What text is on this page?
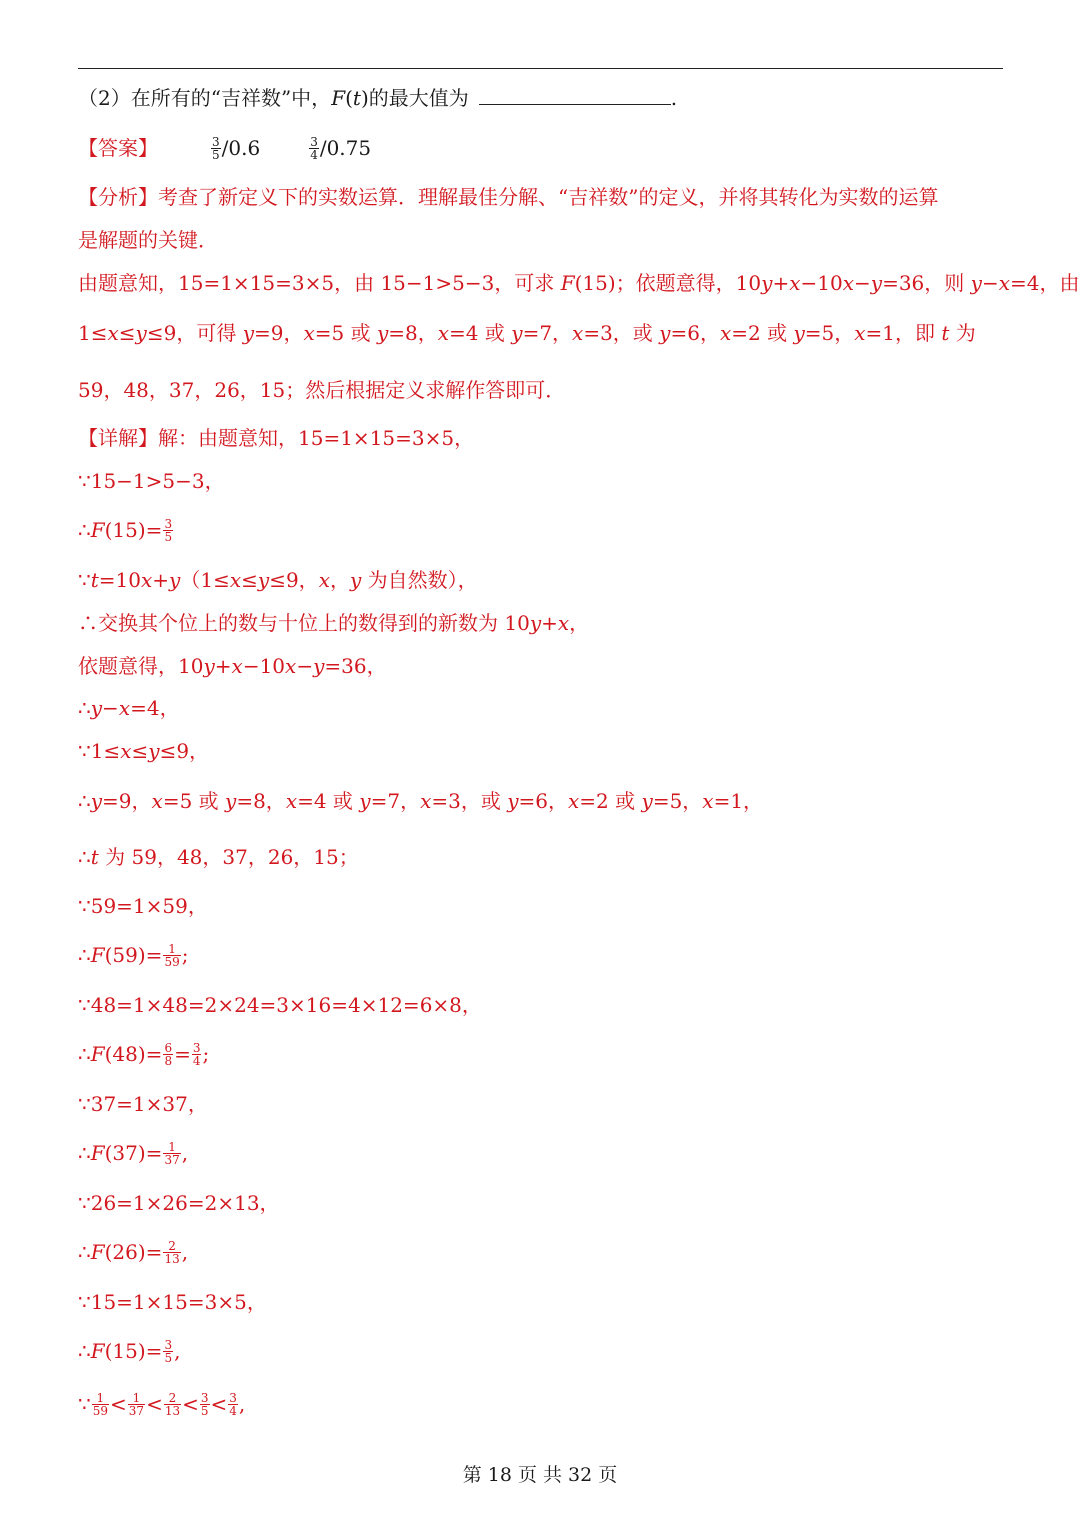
（2）在所有的“吉祥数”中，F(t)的最大值为	.
【答案】	$\frac{3}{5} /0.6$	$\frac{3}{4} /0.75$
【分析】考查了新定义下的实数运算．理解最佳分解、“吉祥数”的定义，并将其转化为实数的运算
是解题的关键．
由题意知，15=1×15=3×5，由 15−1>5−3，可求 F(15)；依题意得，10y+x−10x−y=36，则 y−x=4，由
1≤x≤y≤9，可得 y=9，x=5 或 y=8，x=4 或 y=7，x=3，或 y=6，x=2 或 y=5，x=1，即 t 为
59，48，37，26，15；然后根据定义求解作答即可．
【详解】解：由题意知，15=1×15=3×5，
∵15−1>5−3，
∴F(15)= $\frac{3}{5}$
∵t=10x+y（1≤x≤y≤9，x，y 为自然数），
∴交换其个位上的数与十位上的数得到的新数为 10y+x，
依题意得，10y+x−10x−y=36，
∴y−x=4，
∵1≤x≤y≤9，
∴y=9，x=5 或 y=8，x=4 或 y=7，x=3，或 y=6，x=2 或 y=5，x=1，
∴t 为 59，48，37，26，15；
∵59=1×59，
∴F(59)= $\frac{1}{59}$ ;
∵48=1×48=2×24=3×16=4×12=6×8，
∴F(48)= $\frac{6}{8} = \frac{3}{4}$ ;
∵37=1×37，
∴F(37)= $\frac{1}{37}$ ,
∵26=1×26=2×13，
∴F(26)= $\frac{2}{13}$ ,
∵15=1×15=3×5，
∴F(15)= $\frac{3}{5}$ ,
∵ $\frac{1}{59} < \frac{1}{37} < \frac{2}{13} < \frac{3}{5} < \frac{3}{4}$ ,
第 18 页 共 32 页
